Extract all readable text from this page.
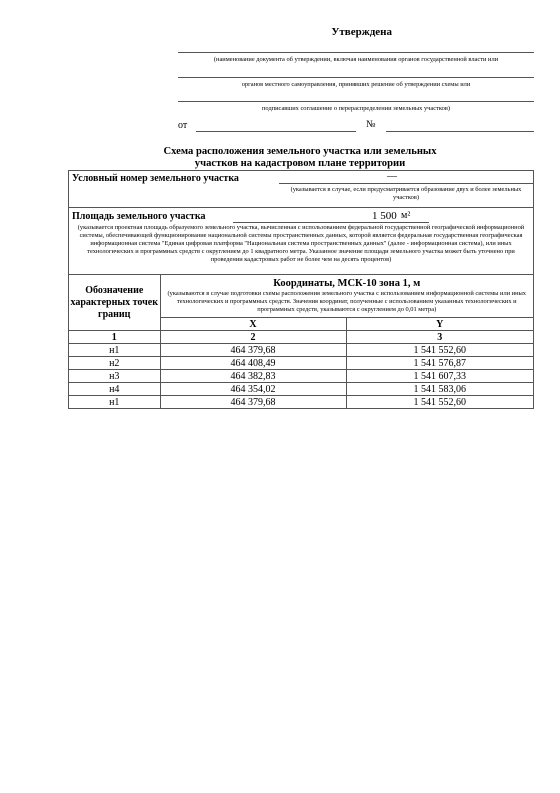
Утверждена
(наименование документа об утверждении, включая наименования органов государственной власти или
органов местного самоуправления, принявших решение об утверждении схемы или
подписавших соглашение о перераспределении земельных участков)
от	№
Схема расположения земельного участка или земельных
участков на кадастровом плане территории
Условный номер земельного участка	—
(указывается в случае, если предусматривается образование двух и более земельных участков)
Площадь земельного участка	1 500 м²
(указывается проектная площадь образуемого земельного участка, вычисленная с использованием федеральной государственной географической информационной системы, обеспечивающей функционирование национальной системы пространственных данных, которой является федеральная государственная географическая информационная система "Единая цифровая платформа "Национальная система пространственных данных" (далее - информационная система), или иных технологических и программных средств с округлением до 1 квадратного метра. Указанное значение площади земельного участка может быть уточнено при проведении кадастровых работ не более чем на десять процентов)
Обозначение характерных точек границ	Координаты, МСК-10 зона 1, м
(указываются в случае подготовки схемы расположения земельного участка с использованием информационной системы или иных технологических и программных средств. Значения координат, полученные с использованием указанных технологических и программных средств, указываются с округлением до 0,01 метра)	

	X	Y
1	2	3
н1	464 379,68	1 541 552,60
н2	464 408,49	1 541 576,87
н3	464 382,83	1 541 607,33
н4	464 354,02	1 541 583,06
н1	464 379,68	1 541 552,60
